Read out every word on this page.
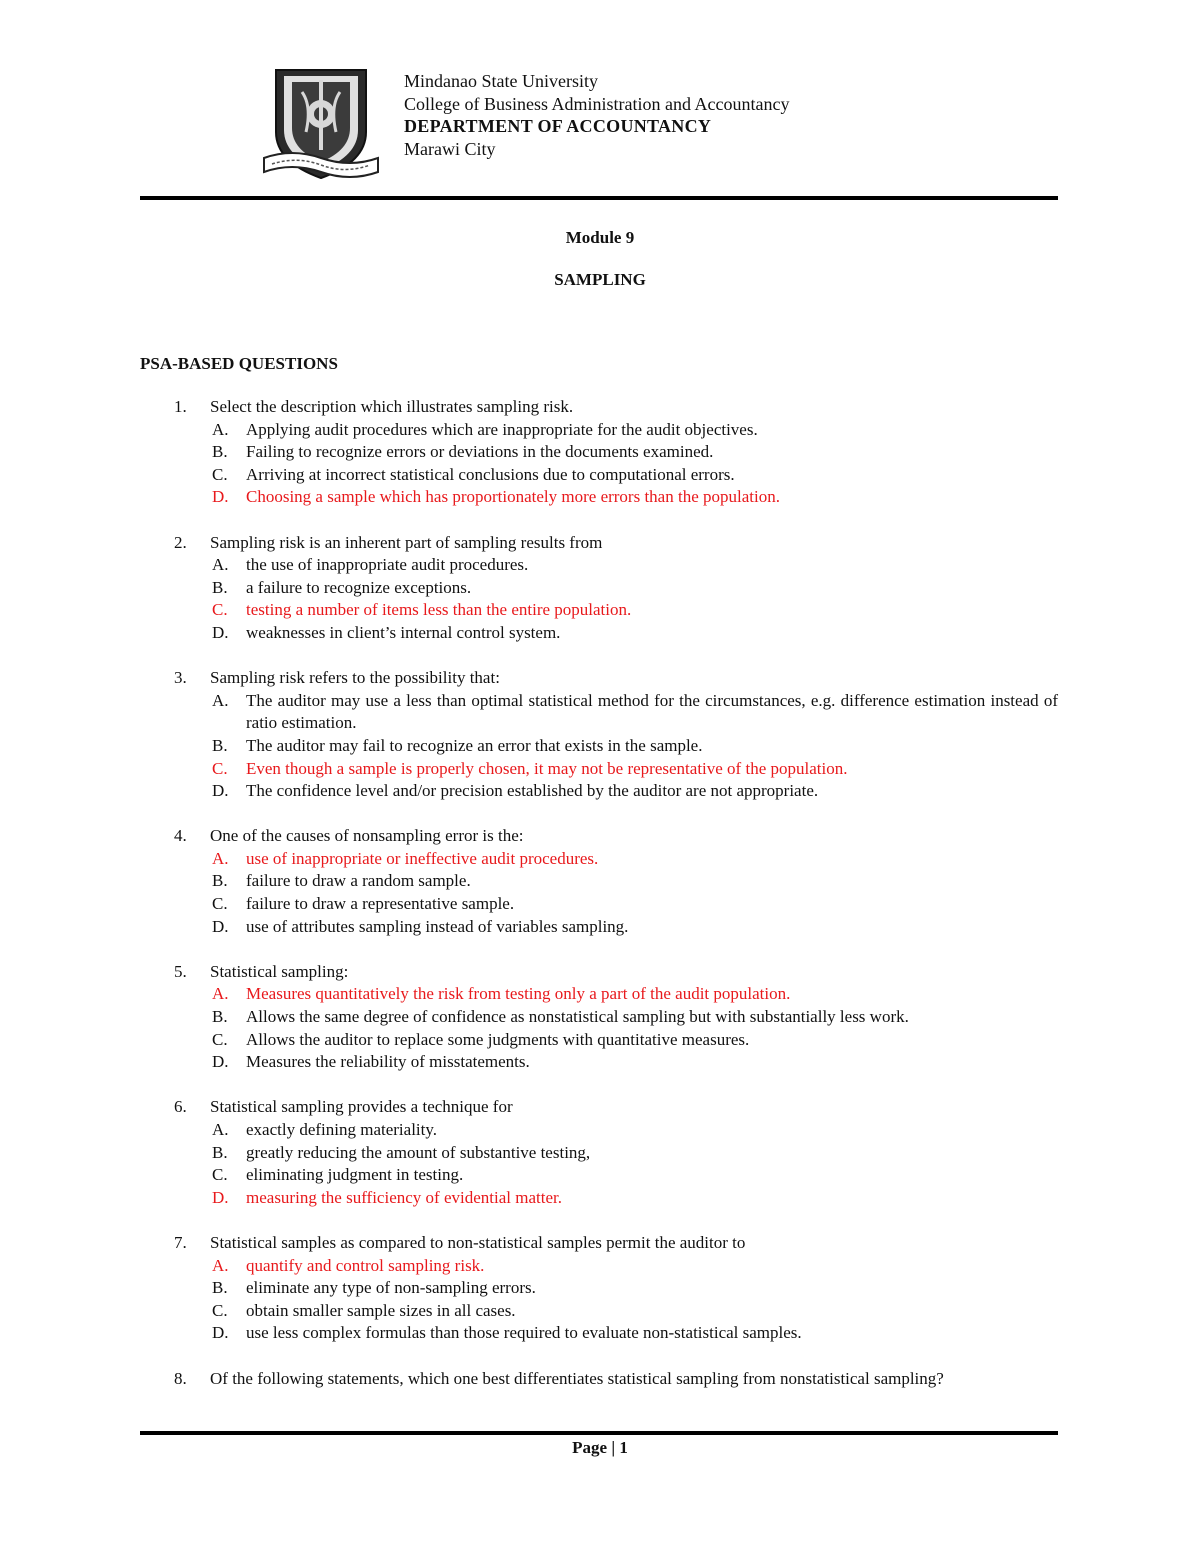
Mindanao State University
College of Business Administration and Accountancy
DEPARTMENT OF ACCOUNTANCY
Marawi City
Module 9
SAMPLING
PSA-BASED QUESTIONS
1.	Select the description which illustrates sampling risk.
A.	Applying audit procedures which are inappropriate for the audit objectives.
B.	Failing to recognize errors or deviations in the documents examined.
C.	Arriving at incorrect statistical conclusions due to computational errors.
D.	Choosing a sample which has proportionately more errors than the population.
2.	Sampling risk is an inherent part of sampling results from
A.	the use of inappropriate audit procedures.
B.	a failure to recognize exceptions.
C.	testing a number of items less than the entire population.
D.	weaknesses in client’s internal control system.
3.	Sampling risk refers to the possibility that:
A.	The auditor may use a less than optimal statistical method for the circumstances, e.g. difference estimation instead of ratio estimation.
B.	The auditor may fail to recognize an error that exists in the sample.
C.	Even though a sample is properly chosen, it may not be representative of the population.
D.	The confidence level and/or precision established by the auditor are not appropriate.
4.	One of the causes of nonsampling error is the:
A.	use of inappropriate or ineffective audit procedures.
B.	failure to draw a random sample.
C.	failure to draw a representative sample.
D.	use of attributes sampling instead of variables sampling.
5.	Statistical sampling:
A.	Measures quantitatively the risk from testing only a part of the audit population.
B.	Allows the same degree of confidence as nonstatistical sampling but with substantially less work.
C.	Allows the auditor to replace some judgments with quantitative measures.
D.	Measures the reliability of misstatements.
6.	Statistical sampling provides a technique for
A.	exactly defining materiality.
B.	greatly reducing the amount of substantive testing,
C.	eliminating judgment in testing.
D.	measuring the sufficiency of evidential matter.
7.	Statistical samples as compared to non-statistical samples permit the auditor to
A.	quantify and control sampling risk.
B.	eliminate any type of non-sampling errors.
C.	obtain smaller sample sizes in all cases.
D.	use less complex formulas than those required to evaluate non-statistical samples.
8.	Of the following statements, which one best differentiates statistical sampling from nonstatistical sampling?
Page | 1
